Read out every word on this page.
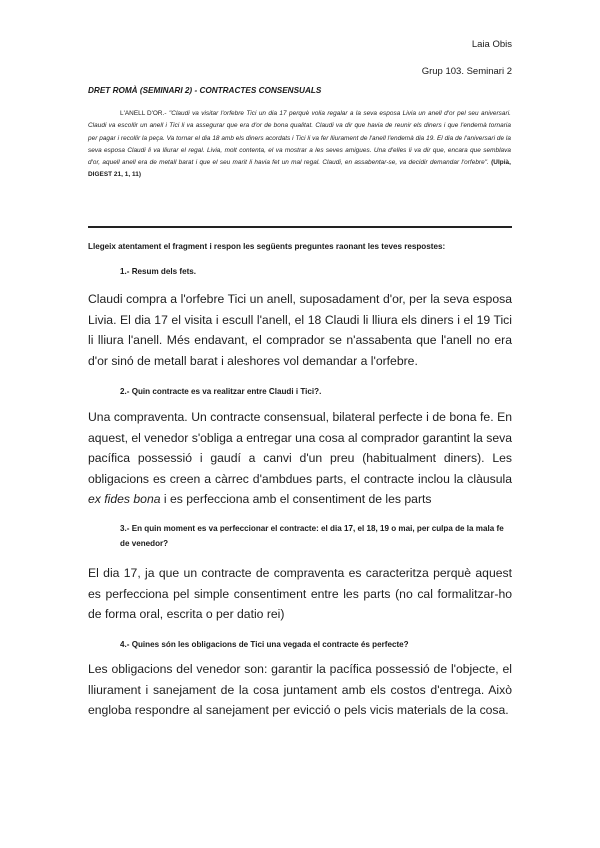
Laia Obis
Grup 103. Seminari 2
DRET ROMÀ (SEMINARI 2) - CONTRACTES CONSENSUALS
L'ANELL D'OR.- "Claudi va visitar l'orfebre Tici un dia 17 perquè volia regalar a la seva esposa Livia un anell d'or pel seu aniversari. Claudi va escollir un anell i Tici li va assegurar que era d'or de bona qualitat. Claudi va dir que havia de reunir els diners i que l'endemà tornaria per pagar i recollir la peça. Va tornar el dia 18 amb els diners acordats i Tici li va fer lliurament de l'anell l'endemà dia 19. El dia de l'aniversari de la seva esposa Claudi li va lliurar el regal. Livia, molt contenta, el va mostrar a les seves amigues. Una d'elles li va dir que, encara que semblava d'or, aquell anell era de metall barat i que el seu marit li havia fet un mal regal. Claudi, en assabentar-se, va decidir demandar l'orfebre". (Ulpià, DIGEST 21, 1, 11)
Llegeix atentament el fragment i respon les següents preguntes raonant les teves respostes:
1.- Resum dels fets.
Claudi compra a l'orfebre Tici un anell, suposadament d'or, per la seva esposa Livia. El dia 17 el visita i escull l'anell, el 18 Claudi li lliura els diners i el 19 Tici li lliura l'anell. Més endavant, el comprador se n'assabenta que l'anell no era d'or sinó de metall barat i aleshores vol demandar a l'orfebre.
2.- Quin contracte es va realitzar entre Claudi i Tici?.
Una compraventa. Un contracte consensual, bilateral perfecte i de bona fe. En aquest, el venedor s'obliga a entregar una cosa al comprador garantint la seva pacífica possessió i gaudí a canvi d'un preu (habitualment diners). Les obligacions es creen a càrrec d'ambdues parts, el contracte inclou la clàusula ex fides bona i es perfecciona amb el consentiment de les parts
3.- En quin moment es va perfeccionar el contracte: el dia 17, el 18, 19 o mai, per culpa de la mala fe de venedor?
El dia 17, ja que un contracte de compraventa es caracteritza perquè aquest es perfecciona pel simple consentiment entre les parts (no cal formalitzar-ho de forma oral, escrita o per datio rei)
4.- Quines són les obligacions de Tici una vegada el contracte és perfecte?
Les obligacions del venedor son: garantir la pacífica possessió de l'objecte, el lliurament i sanejament de la cosa juntament amb els costos d'entrega. Això engloba respondre al sanejament per evicció o pels vicis materials de la cosa.
